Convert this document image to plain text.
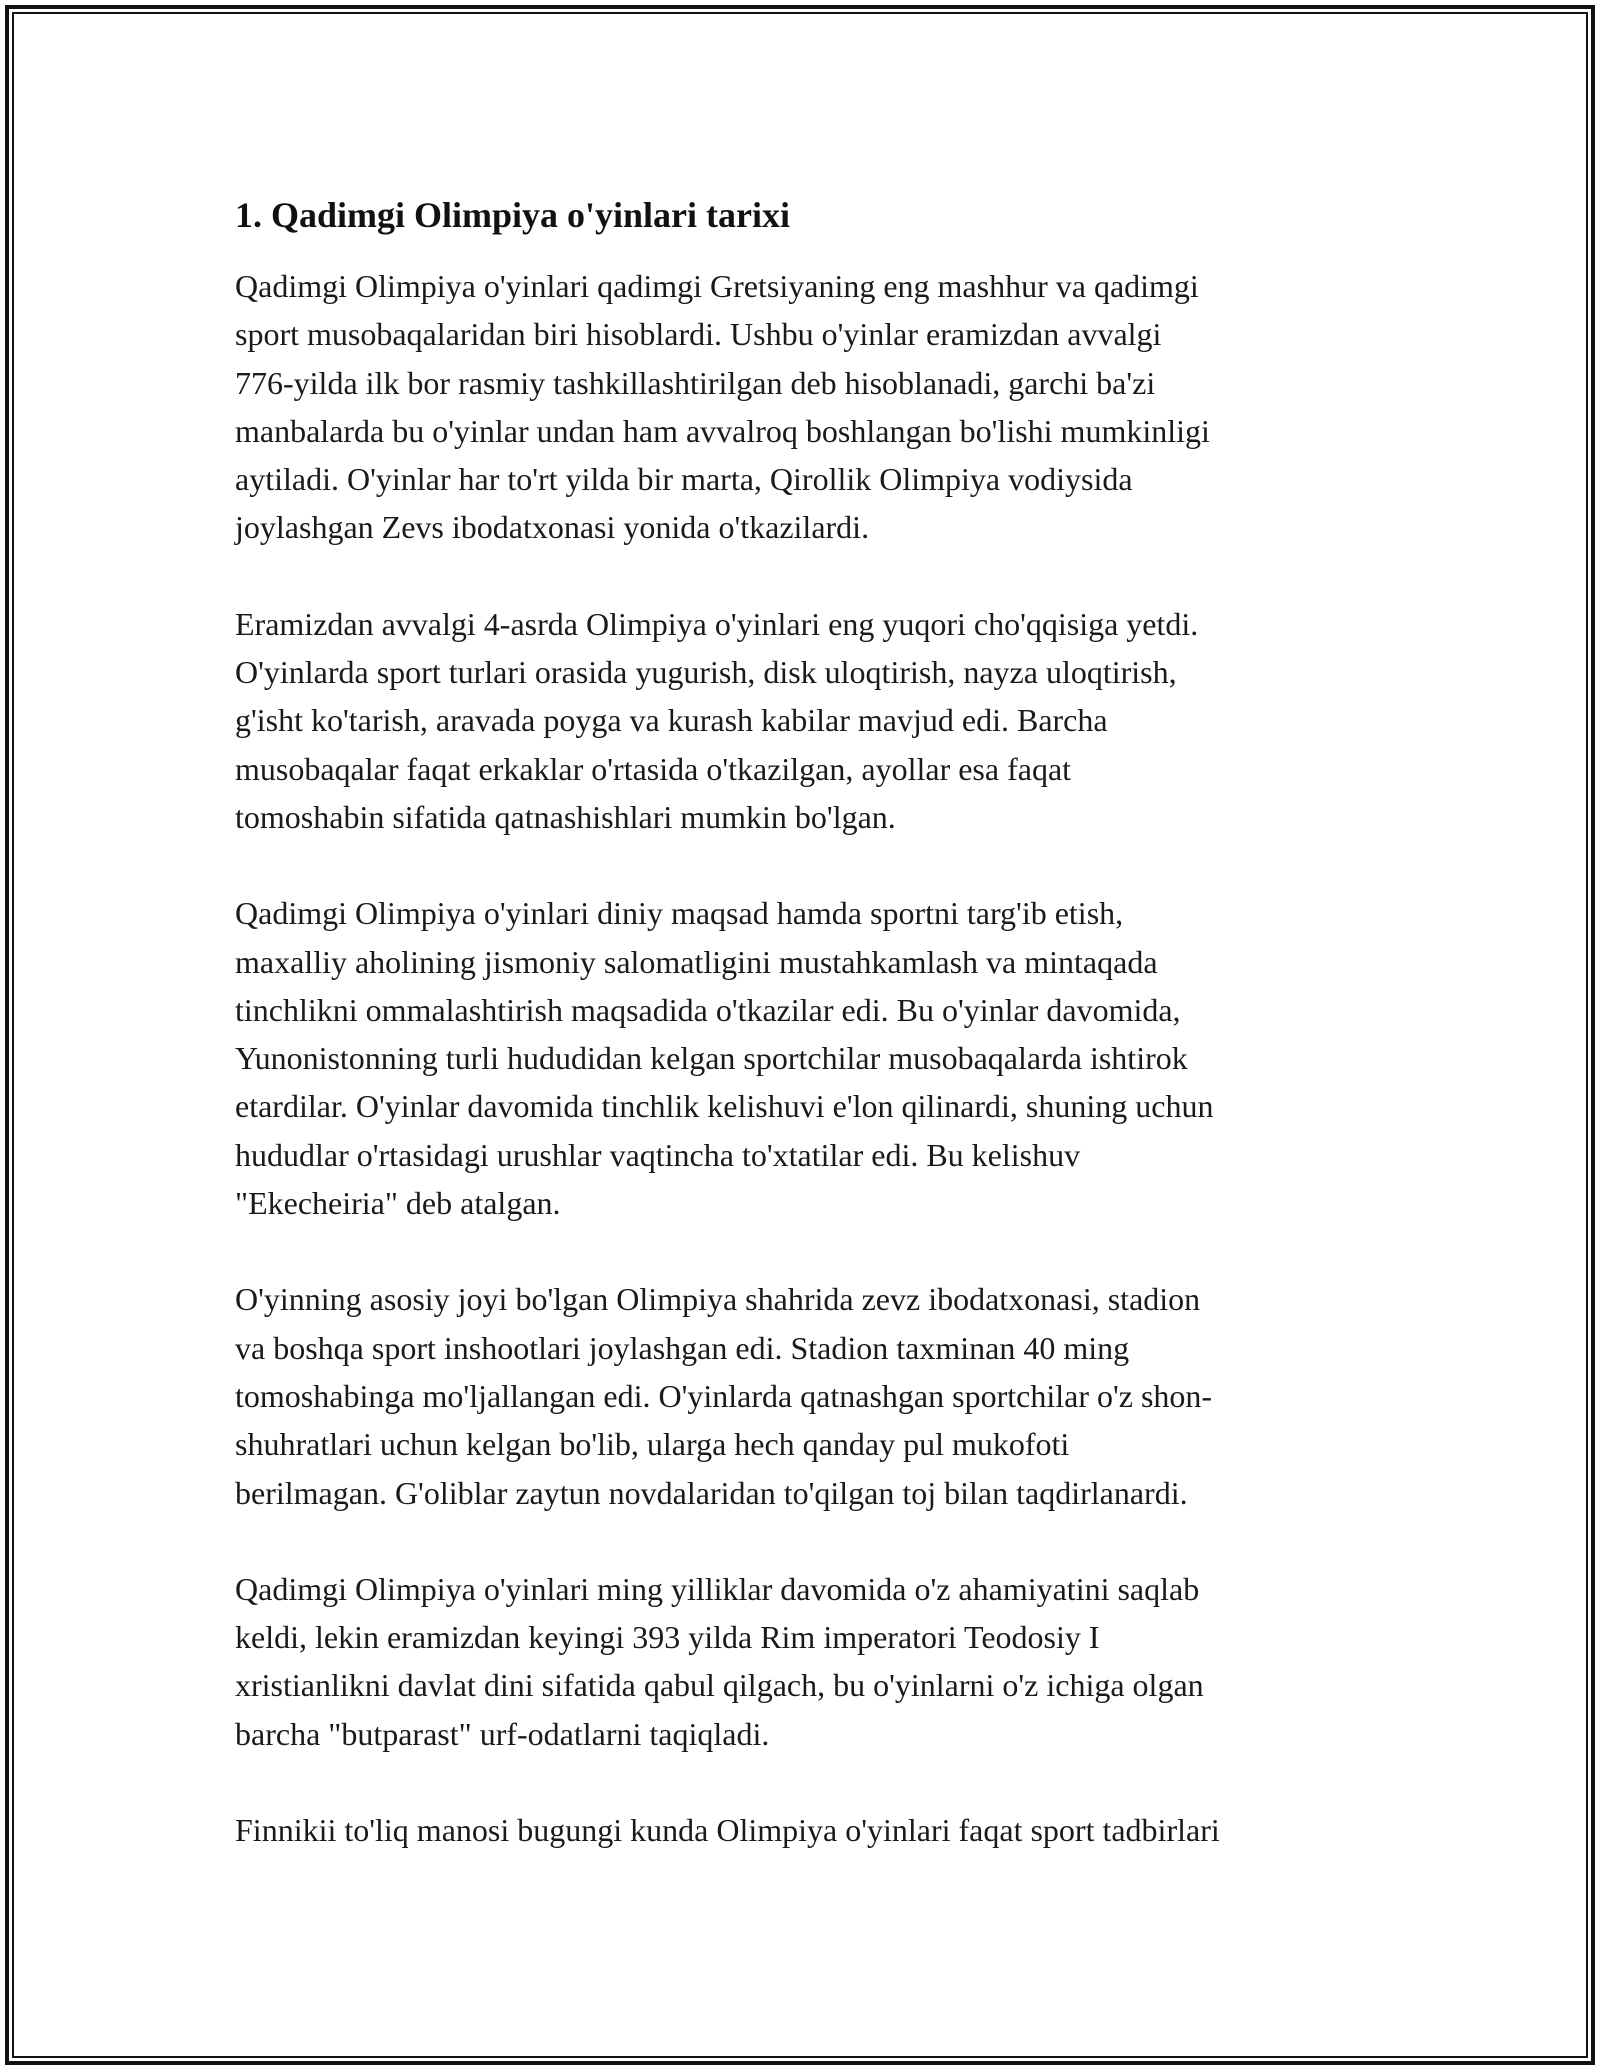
1. Qadimgi Olimpiya o'yinlari tarixi

Qadimgi Olimpiya o'yinlari qadimgi Gretsiyaning eng mashhur va qadimgi
sport musobaqalaridan biri hisoblardi. Ushbu o'yinlar eramizdan avvalgi
776-yilda ilk bor rasmiy tashkillashtirilgan deb hisoblanadi, garchi ba'zi
manbalarda bu o'yinlar undan ham avvalroq boshlangan bo'lishi mumkinligi
aytiladi. O'yinlar har to'rt yilda bir marta, Qirollik Olimpiya vodiysida
joylashgan Zevs ibodatxonasi yonida o'tkazilardi.

Eramizdan avvalgi 4-asrda Olimpiya o'yinlari eng yuqori cho'qqisiga yetdi.
O'yinlarda sport turlari orasida yugurish, disk uloqtirish, nayza uloqtirish,
g'isht ko'tarish, aravada poyga va kurash kabilar mavjud edi. Barcha
musobaqalar faqat erkaklar o'rtasida o'tkazilgan, ayollar esa faqat
tomoshabin sifatida qatnashishlari mumkin bo'lgan.

Qadimgi Olimpiya o'yinlari diniy maqsad hamda sportni targ'ib etish,
maxalliy aholining jismoniy salomatligini mustahkamlash va mintaqada
tinchlikni ommalashtirish maqsadida o'tkazilar edi. Bu o'yinlar davomida,
Yunonistonning turli hududidan kelgan sportchilar musobaqalarda ishtirok
etardilar. O'yinlar davomida tinchlik kelishuvi e'lon qilinardi, shuning uchun
hududlar o'rtasidagi urushlar vaqtincha to'xtatilar edi. Bu kelishuv
"Ekecheiria" deb atalgan.

O'yinning asosiy joyi bo'lgan Olimpiya shahrida zevz ibodatxonasi, stadion
va boshqa sport inshootlari joylashgan edi. Stadion taxminan 40 ming
tomoshabinga mo'ljallangan edi. O'yinlarda qatnashgan sportchilar o'z shon-
shuhratlari uchun kelgan bo'lib, ularga hech qanday pul mukofoti
berilmagan. G'oliblar zaytun novdalaridan to'qilgan toj bilan taqdirlanardi.

Qadimgi Olimpiya o'yinlari ming yilliklar davomida o'z ahamiyatini saqlab
keldi, lekin eramizdan keyingi 393 yilda Rim imperatori Teodosiy I
xristianlikni davlat dini sifatida qabul qilgach, bu o'yinlarni o'z ichiga olgan
barcha "butparast" urf-odatlarni taqiqladi.

Finnikii to'liq manosi bugungi kunda Olimpiya o'yinlari faqat sport tadbirlari
